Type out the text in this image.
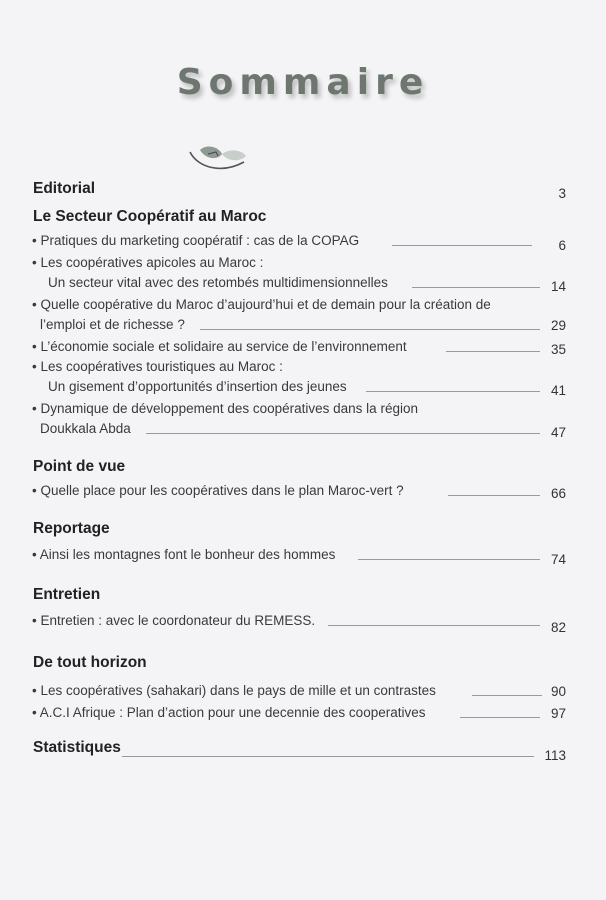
Sommaire
Editorial	3
Le Secteur Coopératif au Maroc
• Pratiques du marketing coopératif : cas de la COPAG	6
• Les coopératives apicoles au Maroc :
Un secteur vital avec des retombés multidimensionnelles	14
• Quelle coopérative du Maroc d’aujourd’hui et de demain pour la création de
l’emploi et de richesse ?	29
• L’économie sociale et solidaire au service de l’environnement	35
• Les coopératives touristiques au Maroc :
Un gisement d’opportunités d’insertion des jeunes	41
• Dynamique de développement des coopératives dans la région
Doukkala Abda	47
Point de vue
• Quelle place pour les coopératives dans le plan Maroc-vert ?	66
Reportage
• Ainsi les montagnes font le bonheur des hommes	74
Entretien
• Entretien : avec le coordonateur du REMESS.	82
De tout horizon
• Les coopératives (sahakari) dans le pays de mille et un contrastes	90
• A.C.I Afrique : Plan d’action pour une decennie des cooperatives	97
Statistiques	113
